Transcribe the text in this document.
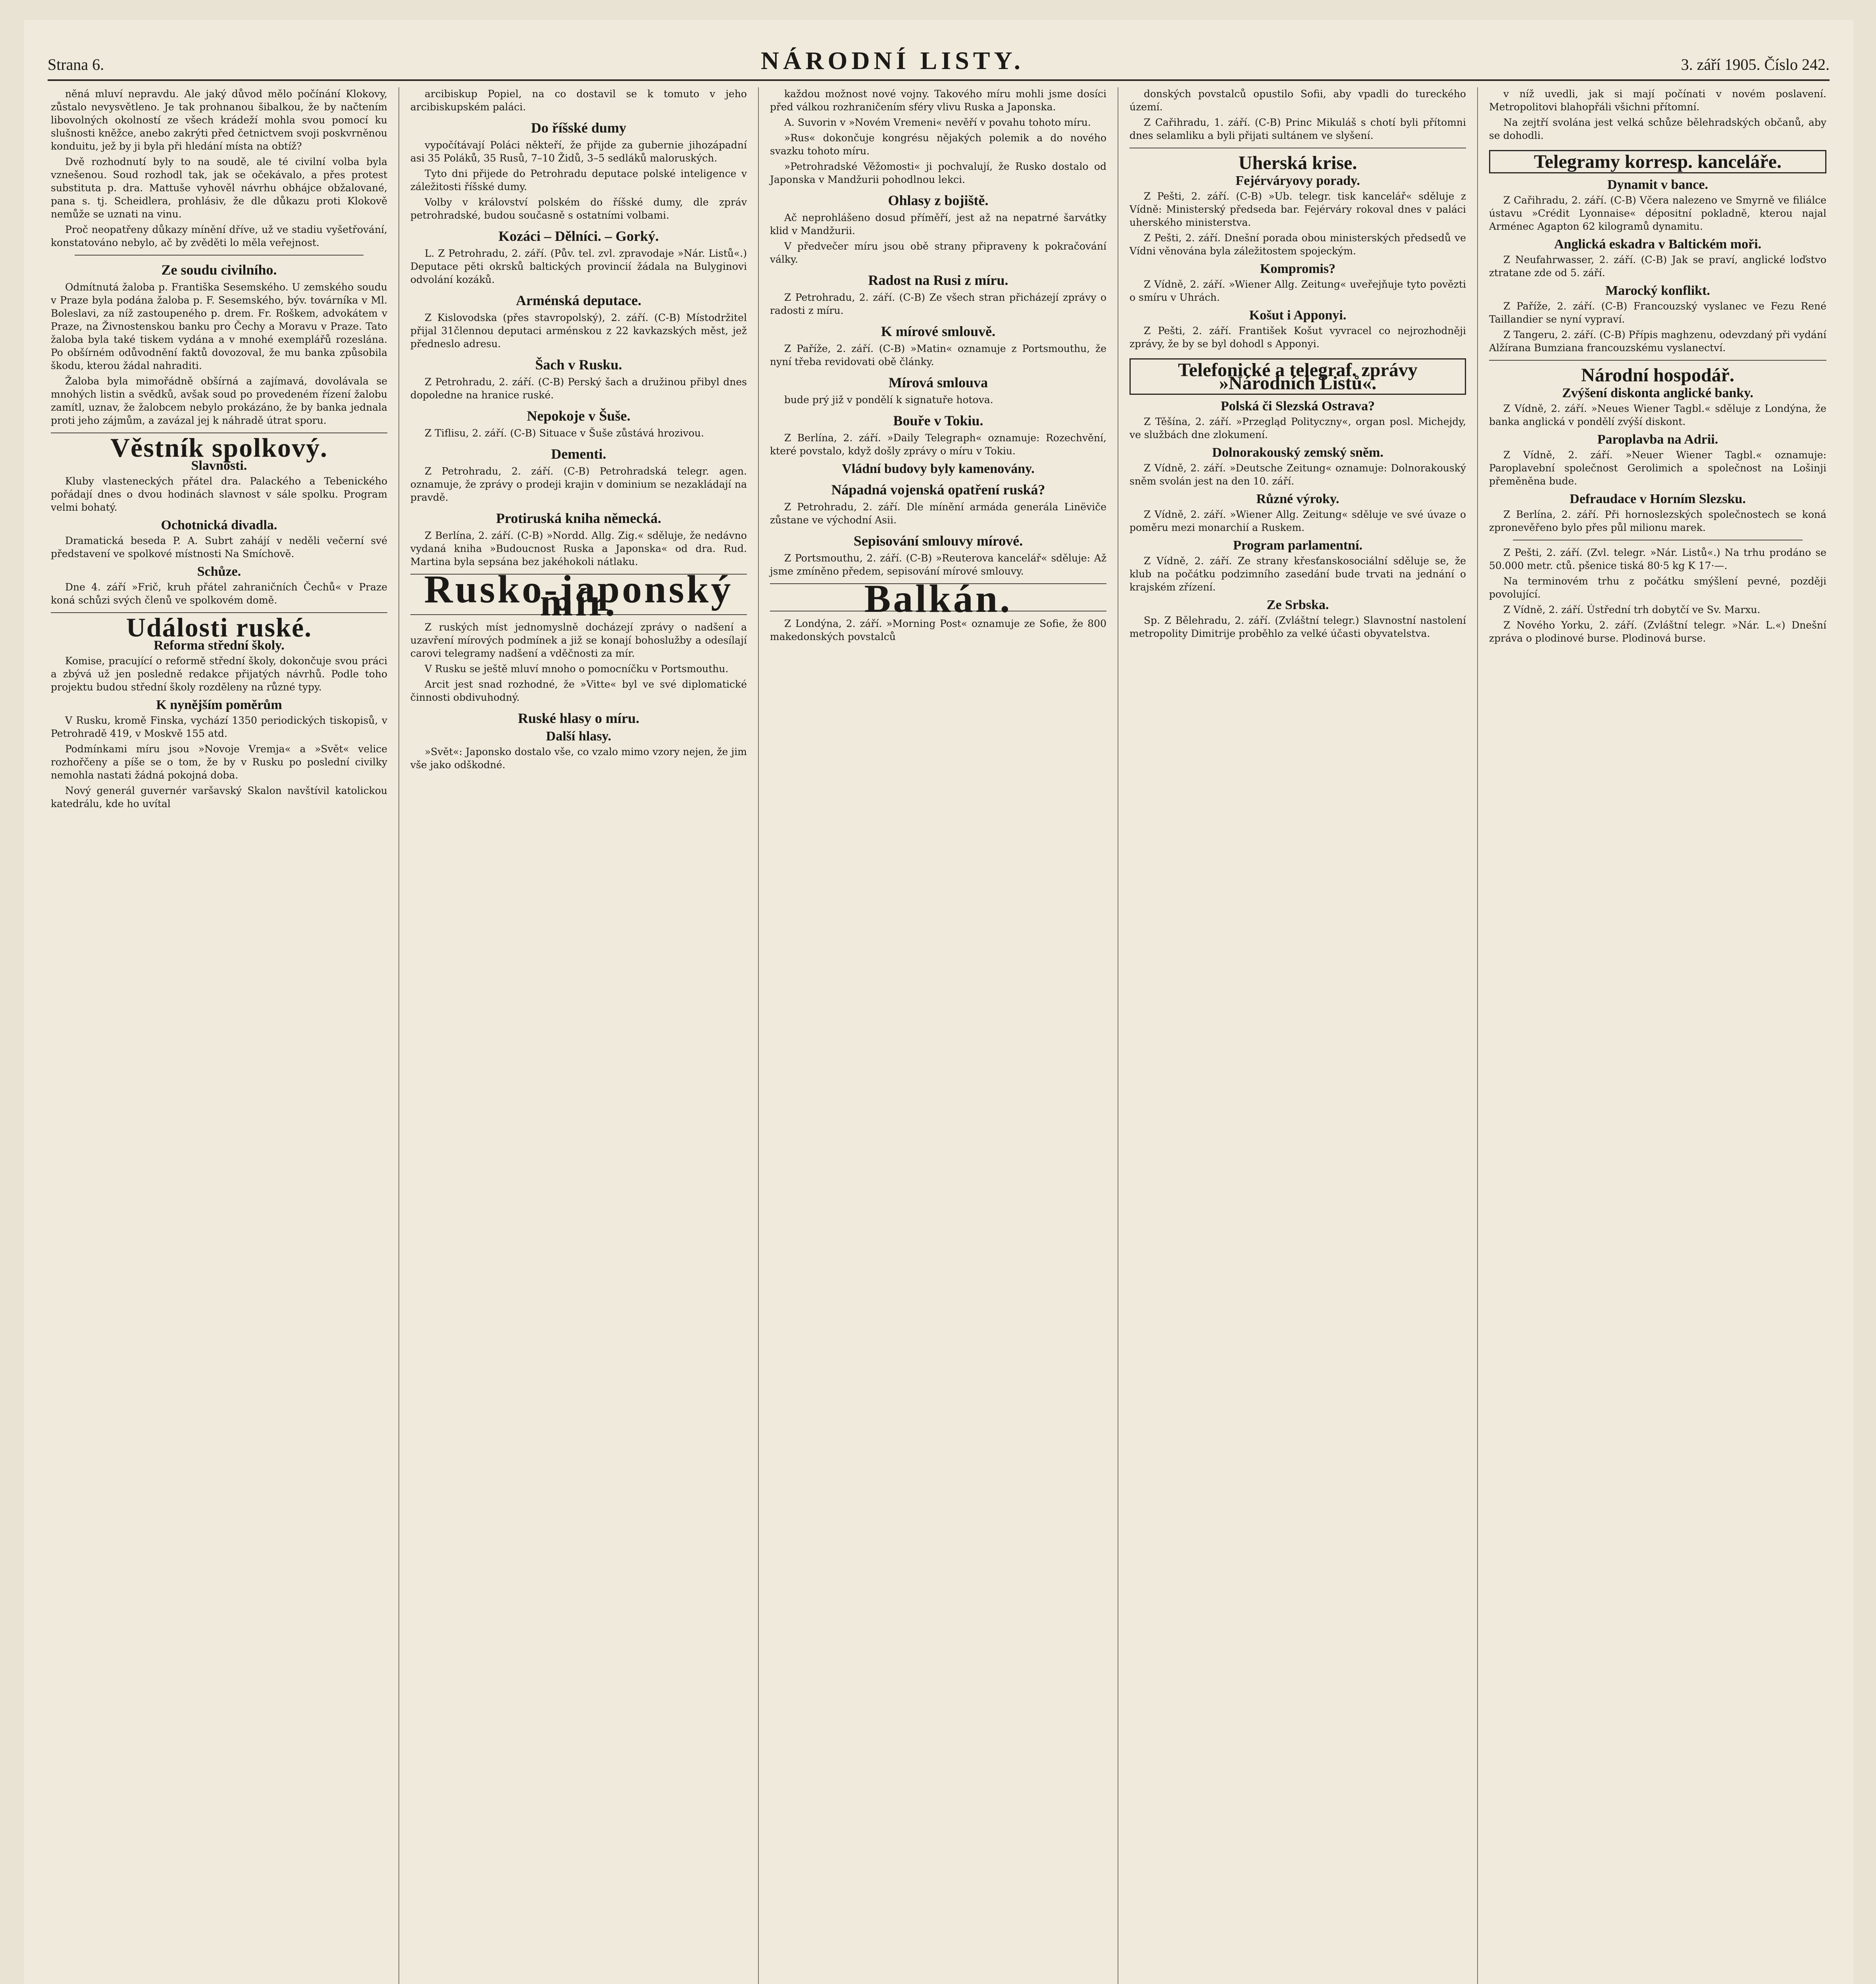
Strana 6.	NÁRODNÍ LISTY.	3. září 1905. Číslo 242.

něná mluví nepravdu. Ale jaký důvod mělo počínání Klokovy, zůstalo nevysvětleno. Je tak prohnanou šibalkou, že by načtením libovolných okolností ze všech krádeží mohla svou pomocí ku slušnosti kněžce, anebo zakrýti před četnictvem svoji poskvrněnou konduitu, jež by ji byla při hledání místa na obtíž?

Dvě rozhodnutí byly to na soudě, ale té civilní volba byla vznešenou. Soud rozhodl tak, jak se očekávalo, a přes protest substituta p. dra. Mattuše vyhověl návrhu obhájce obžalované, pana s. tj. Scheidlera, prohlásiv, že dle důkazu proti Klokově nemůže se uznati na vinu.

Proč neopatřeny důkazy mínění dříve, už ve stadiu vyšetřování, konstatováno nebylo, ač by zvěděti lo měla veřejnost.

Ze soudu civilního.

Odmítnutá žaloba p. Františka Sesemského. U zemského soudu v Praze byla podána žaloba p. F. Sesemského, býv. továrníka v Ml. Boleslavi, za níž zastoupeného p. drem. Fr. Roškem, advokátem v Praze, na Živnostenskou banku pro Čechy a Moravu v Praze. Tato žaloba byla také tiskem vydána a v mnohé exemplářů rozeslána. Po obšírném odůvodnění faktů dovozoval, že mu banka způsobila škodu, kterou žádal nahraditi.

Žaloba byla mimořádně obšírná a zajímavá, dovolávala se mnohých listin a svědků, avšak soud po provedeném řízení žalobu zamítl, uznav, že žalobcem nebylo prokázáno, že by banka jednala proti jeho zájmům, a zavázal jej k náhradě útrat sporu.

Věstník spolkový.
Slavnosti.

Kluby vlasteneckých přátel dra. Palackého a Tebenického pořádají dnes o dvou hodinách slavnost v sále spolku. Program velmi bohatý.

Ochotnická divadla.

Dramatická beseda P. A. Subrt zahájí v neděli večerní své představení ve spolkové místnosti Na Smíchově.

Schůze.

Dne 4. září »Frič, kruh přátel zahraničních Čechů« v Praze koná schůzi svých členů ve spolkovém domě.

Události ruské.
Reforma střední školy.

Komise, pracující o reformě střední školy, dokončuje svou práci a zbývá už jen posledně redakce přijatých návrhů. Podle toho projektu budou střední školy rozděleny na různé typy.

K nynějším poměrům

V Rusku, kromě Finska, vychází 1350 periodických tiskopisů, v Petrohradě 419, v Moskvě 155 atd.

Podmínkami míru jsou »Novoje Vremja« a »Svět« velice rozhořčeny a píše se o tom, že by v Rusku po poslední civilky nemohla nastati žádná pokojná doba.

Nový generál guvernér varšavský Skalon navštívil katolickou katedrálu, kde ho uvítal

arcibiskup Popiel, na co dostavil se k tomuto v jeho arcibiskupském paláci.

Do říšské dumy

vypočítávají Poláci někteří, že přijde za gubernie jihozápadní asi 35 Poláků, 35 Rusů, 7–10 Židů, 3–5 sedláků maloruských.

Tyto dni přijede do Petrohradu deputace polské inteligence v záležitosti říšské dumy.

Volby v království polském do říšské dumy, dle zpráv petrohradské, budou současně s ostatními volbami.

Kozáci – Dělníci. – Gorký.

L. Z Petrohradu, 2. září. (Pův. tel. zvl. zpravodaje »Nár. Listů«.) Deputace pěti okrsků baltických provincií žádala na Bulyginovi odvolání kozáků.

Arménská deputace.

Z Kislovodska (přes stavropolský), 2. září. (C-B) Místodržitel přijal 31člennou deputaci arménskou z 22 kavkazských měst, jež předneslo adresu.

Šach v Rusku.

Z Petrohradu, 2. září. (C-B) Perský šach a družinou přibyl dnes dopoledne na hranice ruské.

Nepokoje v Šuše.

Z Tiflisu, 2. září. (C-B) Situace v Šuše zůstává hrozivou.

Dementi.

Z Petrohradu, 2. září. (C-B) Petrohradská telegr. agen. oznamuje, že zprávy o prodeji krajin v dominium se nezakládají na pravdě.

Protiruská kniha německá.

Z Berlína, 2. září. (C-B) »Nordd. Allg. Zig.« sděluje, že nedávno vydaná kniha »Budoucnost Ruska a Japonska« od dra. Rud. Martina byla sepsána bez jakéhokoli nátlaku.

Rusko-japonský mír.

Z ruských míst jednomyslně docházejí zprávy o nadšení a uzavření mírových podmínek a již se konají bohoslužby a odesílají carovi telegramy nadšení a vděčnosti za mír.

V Rusku se ještě mluví mnoho o pomocníčku v Portsmouthu.

Arcit jest snad rozhodné, že »Vitte« byl ve své diplomatické činnosti obdivuhodný.

Ruské hlasy o míru.
Další hlasy.

»Svět«: Japonsko dostalo vše, co vzalo mimo vzory nejen, že jim vše jako odškodné.

každou možnost nové vojny. Takového míru mohli jsme dosíci před válkou rozhraničením sféry vlivu Ruska a Japonska.

A. Suvorin v »Novém Vremeni« nevěří v povahu tohoto míru.

»Rus« dokončuje kongrésu nějakých polemik a do nového svazku tohoto míru.

»Petrohradské Věžomosti« ji pochvalují, že Rusko dostalo od Japonska v Mandžurii pohodlnou lekci.

Ohlasy z bojiště.

Ač neprohlášeno dosud příměří, jest až na nepatrné šarvátky klid v Mandžurii.

V předvečer míru jsou obě strany připraveny k pokračování války.

Radost na Rusi z míru.

Z Petrohradu, 2. září. (C-B) Ze všech stran přicházejí zprávy o radosti z míru.

K mírové smlouvě.

Z Paříže, 2. září. (C-B) »Matin« oznamuje z Portsmouthu, že nyní třeba revidovati obě články.

Mírová smlouva

bude prý již v pondělí k signatuře hotova.

Bouře v Tokiu.

Z Berlína, 2. září. »Daily Telegraph« oznamuje: Rozechvění, které povstalo, když došly zprávy o míru v Tokiu.

Vládní budovy byly kamenovány.
Nápadná vojenská opatření ruská?

Z Petrohradu, 2. září. Dle mínění armáda generála Linëviče zůstane ve východní Asii.

Sepisování smlouvy mírové.

Z Portsmouthu, 2. září. (C-B) »Reuterova kancelář« sděluje: Až jsme zmíněno předem, sepisování mírové smlouvy.

Balkán.

Z Londýna, 2. září. »Morning Post« oznamuje ze Sofie, že 800 makedonských povstalců

donských povstalců opustilo Sofii, aby vpadli do tureckého území.

Z Cařihradu, 1. září. (C-B) Princ Mikuláš s chotí byli přítomni dnes selamliku a byli přijati sultánem ve slyšení.

Uherská krise.
Fejérváryovy porady.

Z Pešti, 2. září. (C-B) »Ub. telegr. tisk kancelář« sděluje z Vídně: Ministerský předseda bar. Fejérváry rokoval dnes v paláci uherského ministerstva.

Z Pešti, 2. září. Dnešní porada obou ministerských předsedů ve Vídni věnována byla záležitostem spojeckým.

Kompromis?

Z Vídně, 2. září. »Wiener Allg. Zeitung« uveřejňuje tyto povězti o smíru v Uhrách.

Košut i Apponyi.

Z Pešti, 2. září. František Košut vyvracel co nejrozhodněji zprávy, že by se byl dohodl s Apponyi.

Telefonické a telegraf. zprávy »Národních Listů«.
Polská či Slezská Ostrava?

Z Těšína, 2. září. »Przegląd Polityczny«, organ posl. Michejdy, ve službách dne zlokumení.

Dolnorakouský zemský sněm.

Z Vídně, 2. září. »Deutsche Zeitung« oznamuje: Dolnorakouský sněm svolán jest na den 10. září.

Různé výroky.

Z Vídně, 2. září. »Wiener Allg. Zeitung« sděluje ve své úvaze o poměru mezi monarchií a Ruskem.

Program parlamentní.

Z Vídně, 2. září. Ze strany křesťanskosociální sděluje se, že klub na počátku podzimního zasedání bude trvati na jednání o krajském zřízení.

Ze Srbska.

Sp. Z Bělehradu, 2. září. (Zvláštní telegr.) Slavnostní nastolení metropolity Dimitrije proběhlo za velké účasti obyvatelstva.

v níž uvedli, jak si mají počínati v novém poslavení. Metropolitovi blahopřáli všichni přítomní.

Na zejtří svolána jest velká schůze bělehradských občanů, aby se dohodli.

Telegramy korresp. kanceláře.
Dynamit v bance.

Z Cařihradu, 2. září. (C-B) Včera nalezeno ve Smyrně ve filiálce ústavu »Crédit Lyonnaise« dépositní pokladně, kterou najal Arménec Agapton 62 kilogramů dynamitu.

Anglická eskadra v Baltickém moři.

Z Neufahrwasser, 2. září. (C-B) Jak se praví, anglické loďstvo ztratane zde od 5. září.

Marocký konflikt.

Z Paříže, 2. září. (C-B) Francouzský vyslanec ve Fezu René Taillandier se nyní vypraví.

Z Tangeru, 2. září. (C-B) Přípis maghzenu, odevzdaný při vydání Alžírana Bumziana francouzskému vyslanectví.

Národní hospodář.
Zvýšení diskonta anglické banky.

Z Vídně, 2. září. »Neues Wiener Tagbl.« sděluje z Londýna, že banka anglická v pondělí zvýší diskont.

Paroplavba na Adrii.

Z Vídně, 2. září. »Neuer Wiener Tagbl.« oznamuje: Paroplavební společnost Gerolimich a společnost na Lošinji přeměněna bude.

Defraudace v Horním Slezsku.

Z Berlína, 2. září. Při hornoslezských společnostech se koná zpronevěřeno bylo přes půl milionu marek.

Z Pešti, 2. září. (Zvl. telegr. »Nár. Listů«.) Na trhu prodáno se 50.000 metr. ctů. pšenice tiská 80·5 kg K 17·—.

Na terminovém trhu z počátku smýšlení pevné, později povolující.

Z Vídně, 2. září. Ústřední trh dobytčí ve Sv. Marxu.

Z Nového Yorku, 2. září. (Zvláštní telegr. »Nár. L.«) Dnešní zpráva o plodinové burse. Plodinová burse.
